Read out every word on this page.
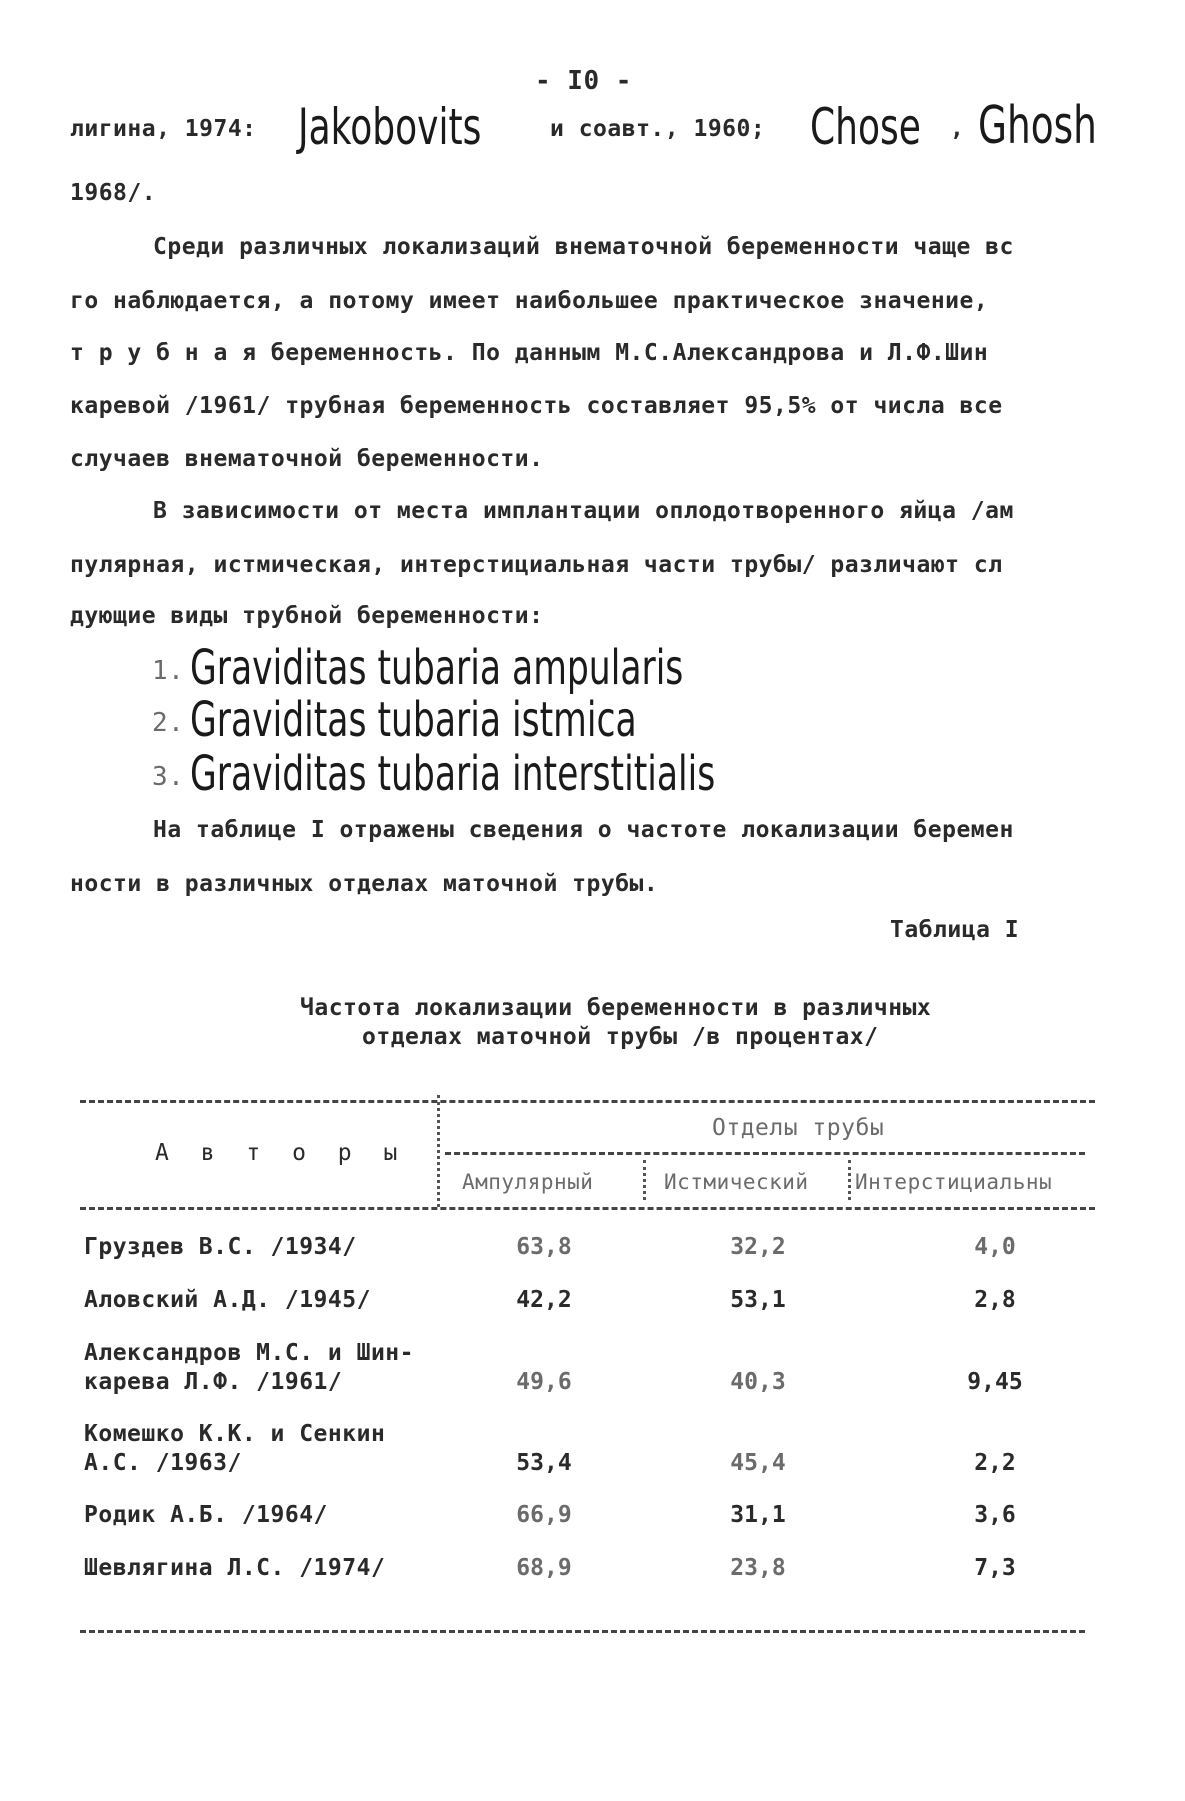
- I0 -
лигина, 1974: Jakobovits	и соавт., 1960; Chose , Ghosh
1968/.
Среди различных локализаций внематочной беременности чаще вс
го наблюдается, а потому имеет наибольшее практическое значение,
т р у б н а я беременность. По данным М.С.Александрова и Л.Ф.Шин
каревой /1961/ трубная беременность составляет 95,5% от числа все
случаев внематочной беременности.
В зависимости от места имплантации оплодотворенного яйца /ам
пулярная, истмическая, интерстициальная части трубы/ различают сл
дующие виды трубной беременности:
1. Graviditas tubaria ampularis
2. Graviditas tubaria istmica
3. Graviditas tubaria interstitialis
На таблице I отражены сведения о частоте локализации беремен
ности в различных отделах маточной трубы.
Таблица I
Частота локализации беременности в различных
отделах маточной трубы /в процентах/
А в т о р ы
Отделы трубы
Ампулярный	Истмический Интерстициальны
Груздев В.С. /1934/	63,8	32,2	4,0
Аловский А.Д. /1945/	42,2	53,1	2,8
Александров М.С. и Шин-
карева Л.Ф. /1961/	49,6	40,3	9,45
Комешко К.К. и Сенкин
А.С. /1963/	53,4	45,4	2,2
Родик А.Б. /1964/	66,9	31,1	3,6
Шевлягина Л.С. /1974/	68,9	23,8	7,3
